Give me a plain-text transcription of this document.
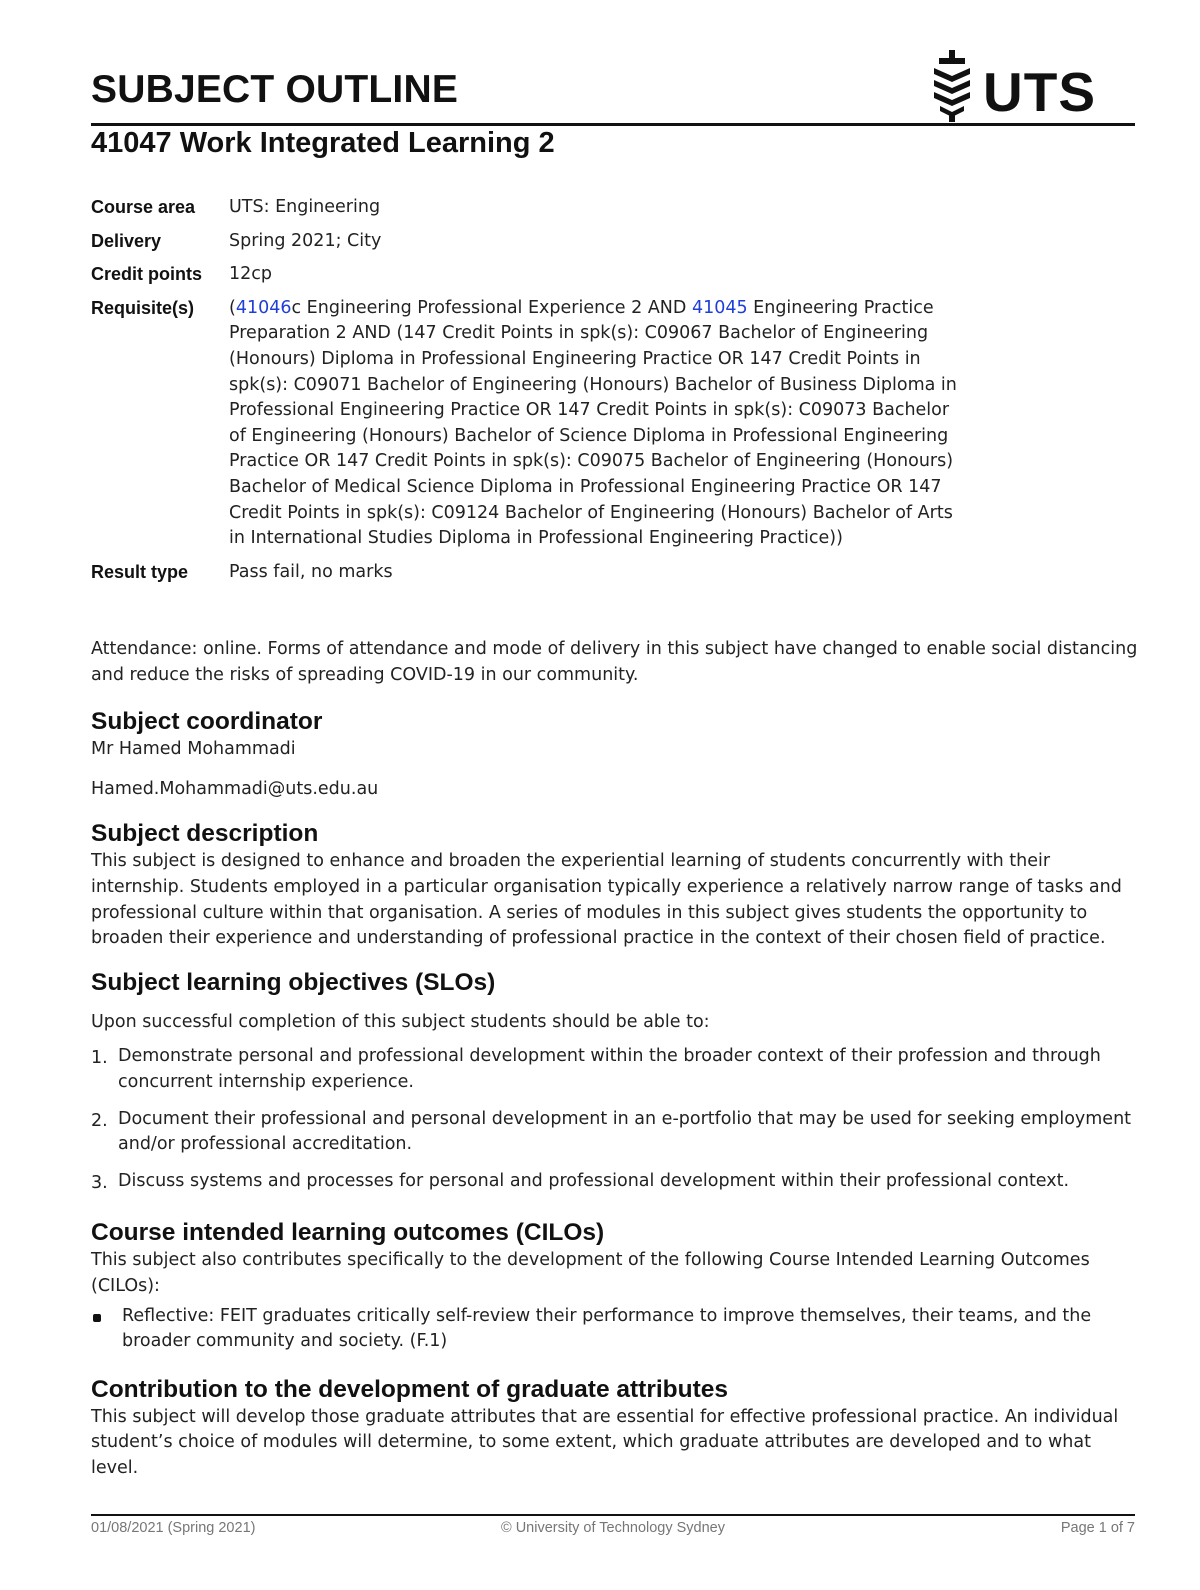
SUBJECT OUTLINE	UTS
41047 Work Integrated Learning 2
Course area	UTS: Engineering
Delivery	Spring 2021; City
Credit points	12cp
Requisite(s)	(41046c Engineering Professional Experience 2 AND 41045 Engineering Practice Preparation 2 AND (147 Credit Points in spk(s): C09067 Bachelor of Engineering (Honours) Diploma in Professional Engineering Practice OR 147 Credit Points in spk(s): C09071 Bachelor of Engineering (Honours) Bachelor of Business Diploma in Professional Engineering Practice OR 147 Credit Points in spk(s): C09073 Bachelor of Engineering (Honours) Bachelor of Science Diploma in Professional Engineering Practice OR 147 Credit Points in spk(s): C09075 Bachelor of Engineering (Honours) Bachelor of Medical Science Diploma in Professional Engineering Practice OR 147 Credit Points in spk(s): C09124 Bachelor of Engineering (Honours) Bachelor of Arts in International Studies Diploma in Professional Engineering Practice))
Result type	Pass fail, no marks

Attendance: online. Forms of attendance and mode of delivery in this subject have changed to enable social distancing and reduce the risks of spreading COVID-19 in our community.

Subject coordinator

Mr Hamed Mohammadi

Hamed.Mohammadi@uts.edu.au

Subject description

This subject is designed to enhance and broaden the experiential learning of students concurrently with their internship. Students employed in a particular organisation typically experience a relatively narrow range of tasks and professional culture within that organisation. A series of modules in this subject gives students the opportunity to broaden their experience and understanding of professional practice in the context of their chosen field of practice.

Subject learning objectives (SLOs)

Upon successful completion of this subject students should be able to:

1. Demonstrate personal and professional development within the broader context of their profession and through concurrent internship experience.
2. Document their professional and personal development in an e-portfolio that may be used for seeking employment and/or professional accreditation.
3. Discuss systems and processes for personal and professional development within their professional context.
Course intended learning outcomes (CILOs)

This subject also contributes specifically to the development of the following Course Intended Learning Outcomes (CILOs):

Reflective: FEIT graduates critically self-review their performance to improve themselves, their teams, and the broader community and society. (F.1)
Contribution to the development of graduate attributes

This subject will develop those graduate attributes that are essential for effective professional practice. An individual student’s choice of modules will determine, to some extent, which graduate attributes are developed and to what level.

01/08/2021 (Spring 2021)	© University of Technology Sydney	Page 1 of 7
